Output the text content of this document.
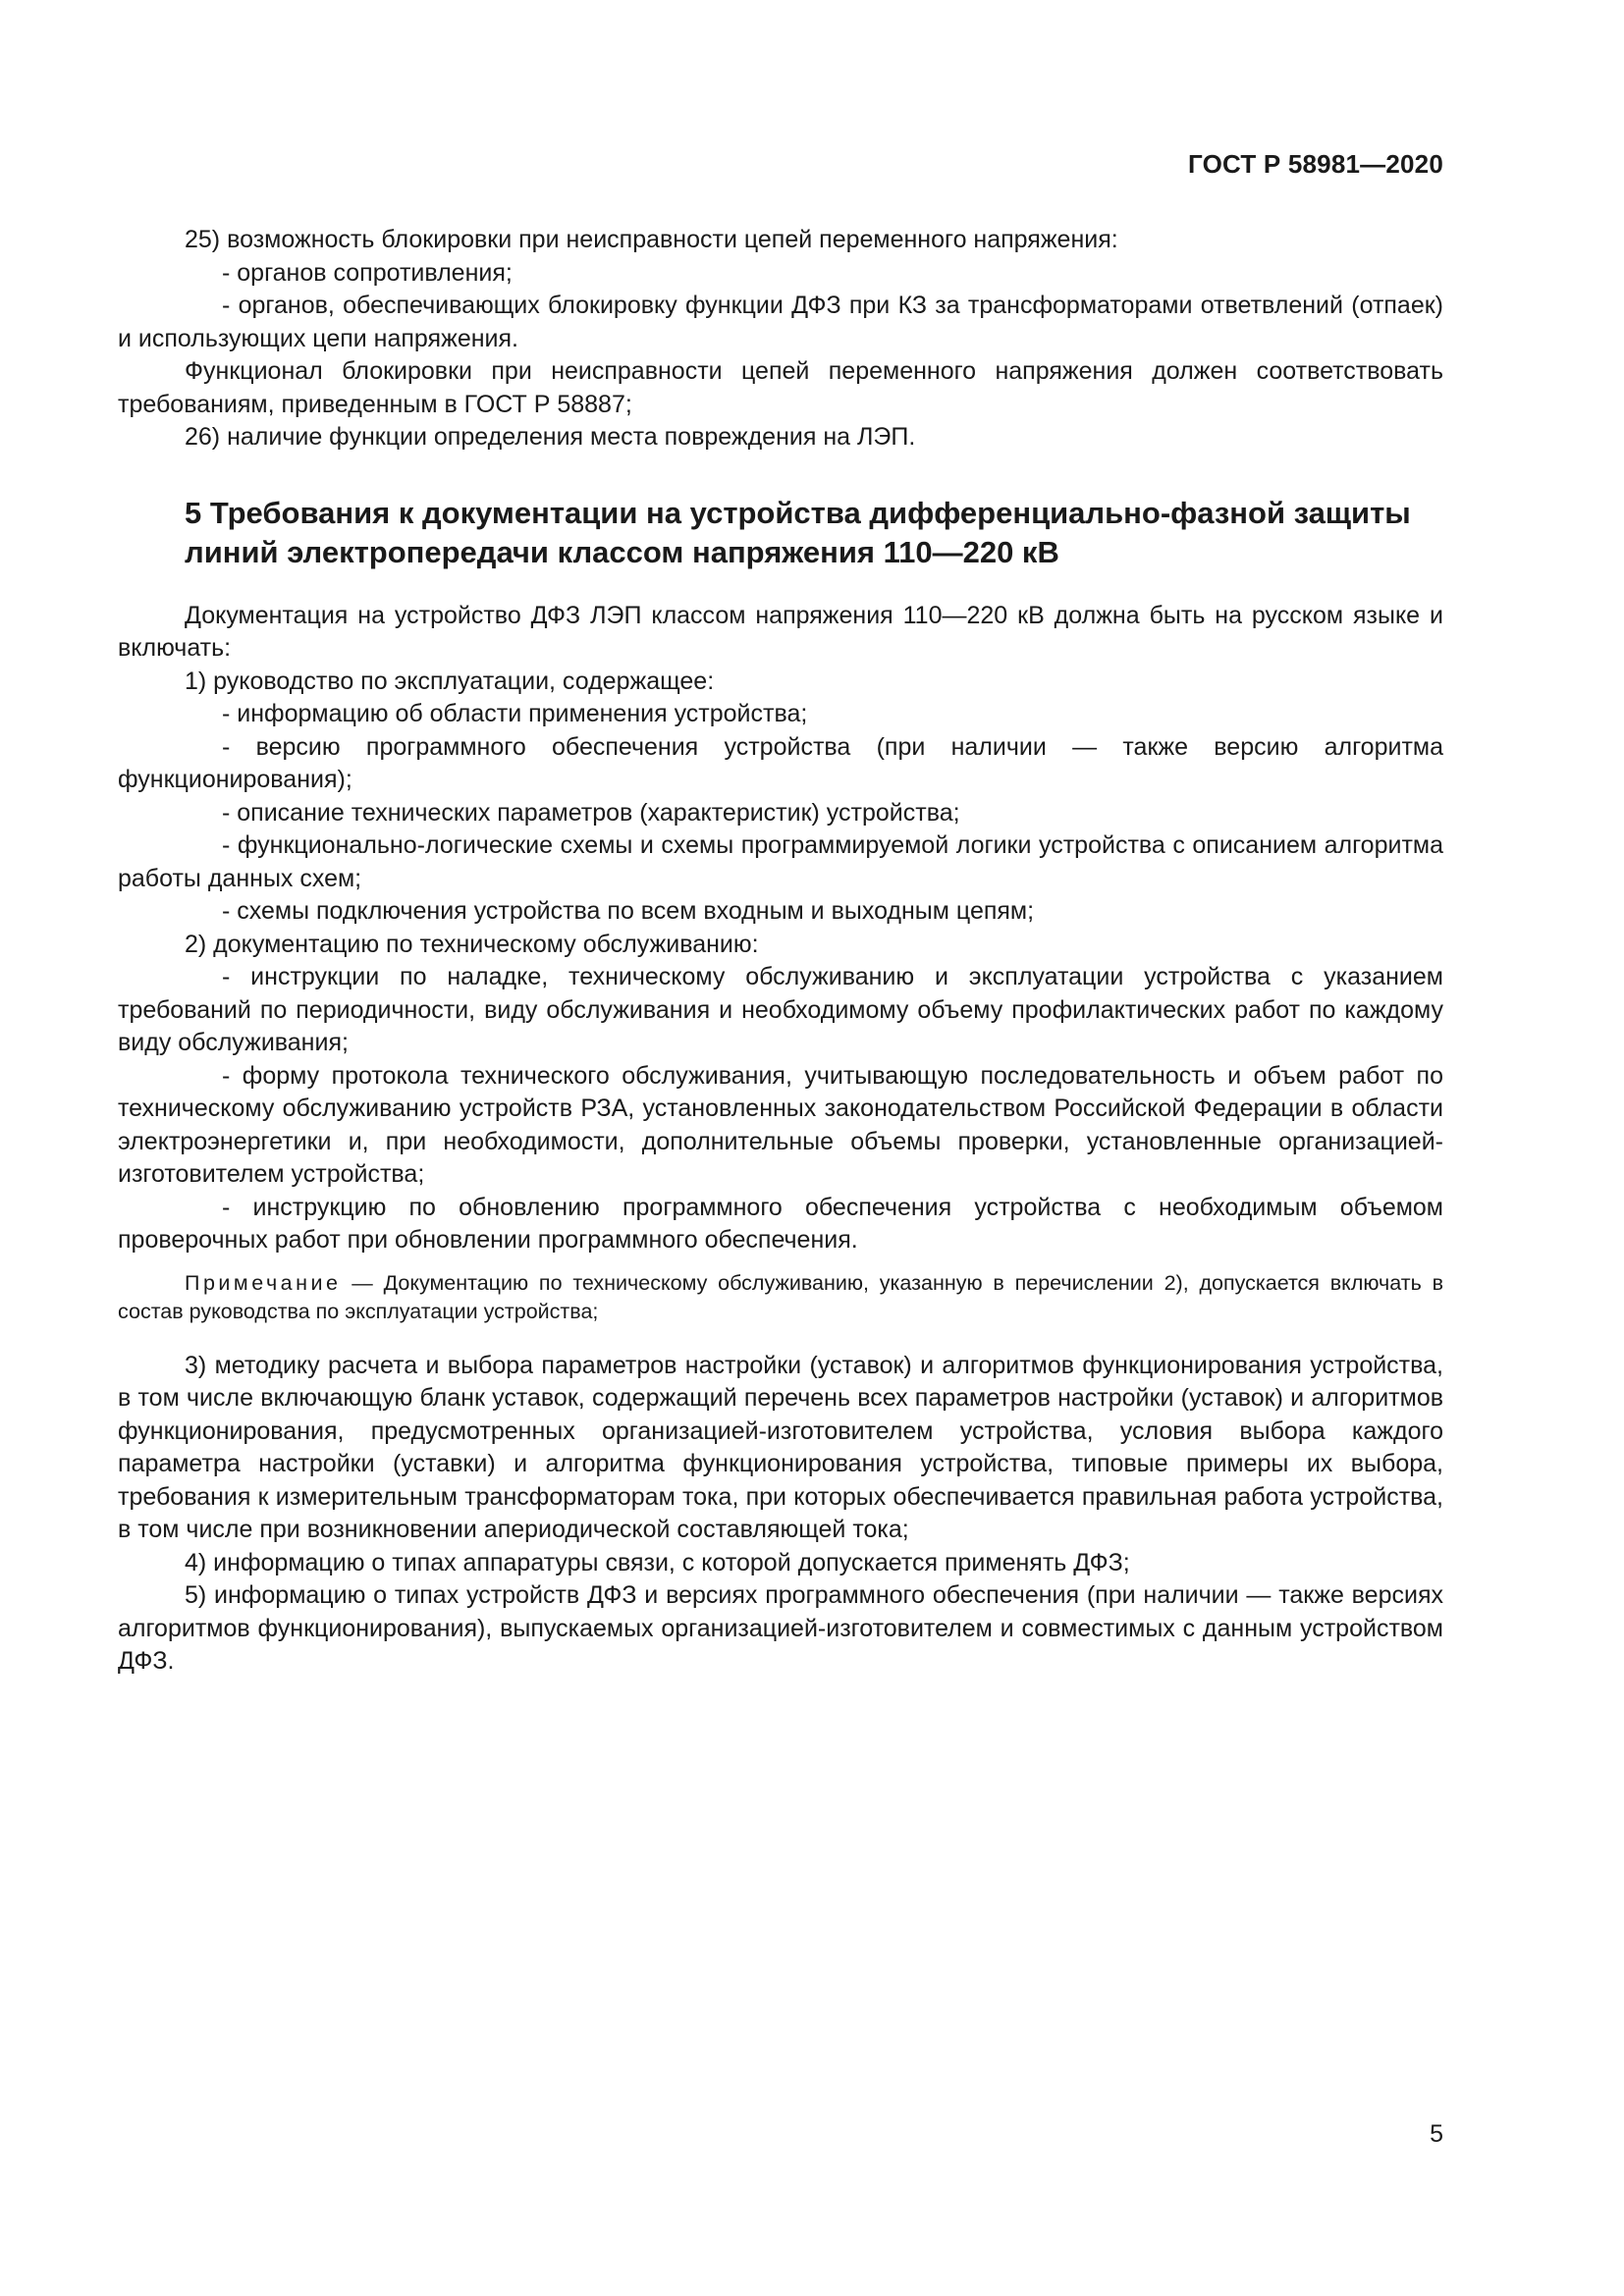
ГОСТ Р 58981—2020

25) возможность блокировки при неисправности цепей переменного напряжения:

- органов сопротивления;

- органов, обеспечивающих блокировку функции ДФЗ при КЗ за трансформаторами ответвлений (отпаек) и использующих цепи напряжения.

Функционал блокировки при неисправности цепей переменного напряжения должен соответствовать требованиям, приведенным в ГОСТ Р 58887;

26) наличие функции определения места повреждения на ЛЭП.

5 Требования к документации на устройства дифференциально-фазной защиты линий электропередачи классом напряжения 110—220 кВ

Документация на устройство ДФЗ ЛЭП классом напряжения 110—220 кВ должна быть на русском языке и включать:

1) руководство по эксплуатации, содержащее:

- информацию об области применения устройства;

- версию программного обеспечения устройства (при наличии — также версию алгоритма функционирования);

- описание технических параметров (характеристик) устройства;

- функционально-логические схемы и схемы программируемой логики устройства с описанием алгоритма работы данных схем;

- схемы подключения устройства по всем входным и выходным цепям;

2) документацию по техническому обслуживанию:

- инструкции по наладке, техническому обслуживанию и эксплуатации устройства с указанием требований по периодичности, виду обслуживания и необходимому объему профилактических работ по каждому виду обслуживания;

- форму протокола технического обслуживания, учитывающую последовательность и объем работ по техническому обслуживанию устройств РЗА, установленных законодательством Российской Федерации в области электроэнергетики и, при необходимости, дополнительные объемы проверки, установленные организацией-изготовителем устройства;

- инструкцию по обновлению программного обеспечения устройства с необходимым объемом проверочных работ при обновлении программного обеспечения.

Примечание — Документацию по техническому обслуживанию, указанную в перечислении 2), допускается включать в состав руководства по эксплуатации устройства;

3) методику расчета и выбора параметров настройки (уставок) и алгоритмов функционирования устройства, в том числе включающую бланк уставок, содержащий перечень всех параметров настройки (уставок) и алгоритмов функционирования, предусмотренных организацией-изготовителем устройства, условия выбора каждого параметра настройки (уставки) и алгоритма функционирования устройства, типовые примеры их выбора, требования к измерительным трансформаторам тока, при которых обеспечивается правильная работа устройства, в том числе при возникновении апериодической составляющей тока;

4) информацию о типах аппаратуры связи, с которой допускается применять ДФЗ;

5) информацию о типах устройств ДФЗ и версиях программного обеспечения (при наличии — также версиях алгоритмов функционирования), выпускаемых организацией-изготовителем и совместимых с данным устройством ДФЗ.

5
